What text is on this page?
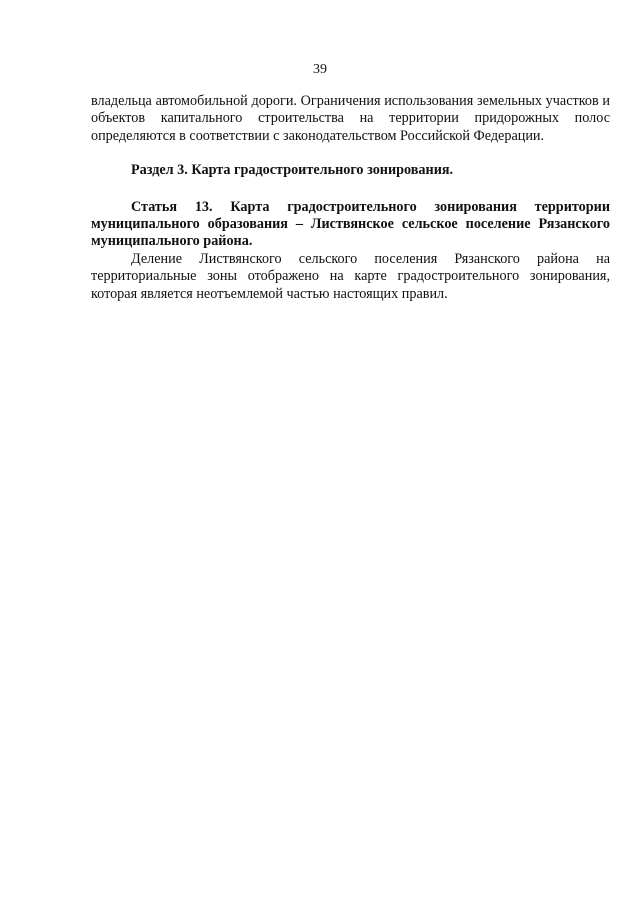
39

владельца автомобильной дороги. Ограничения использования земельных участков и объектов капитального строительства на территории придорожных полос определяются в соответствии с законодательством Российской Федерации.

Раздел 3. Карта градостроительного зонирования.

Статья 13. Карта градостроительного зонирования территории муниципального образования – Листвянское сельское поселение Рязанского муниципального района.

Деление Листвянского сельского поселения Рязанского района на территориальные зоны отображено на карте градостроительного зонирования, которая является неотъемлемой частью настоящих правил.
